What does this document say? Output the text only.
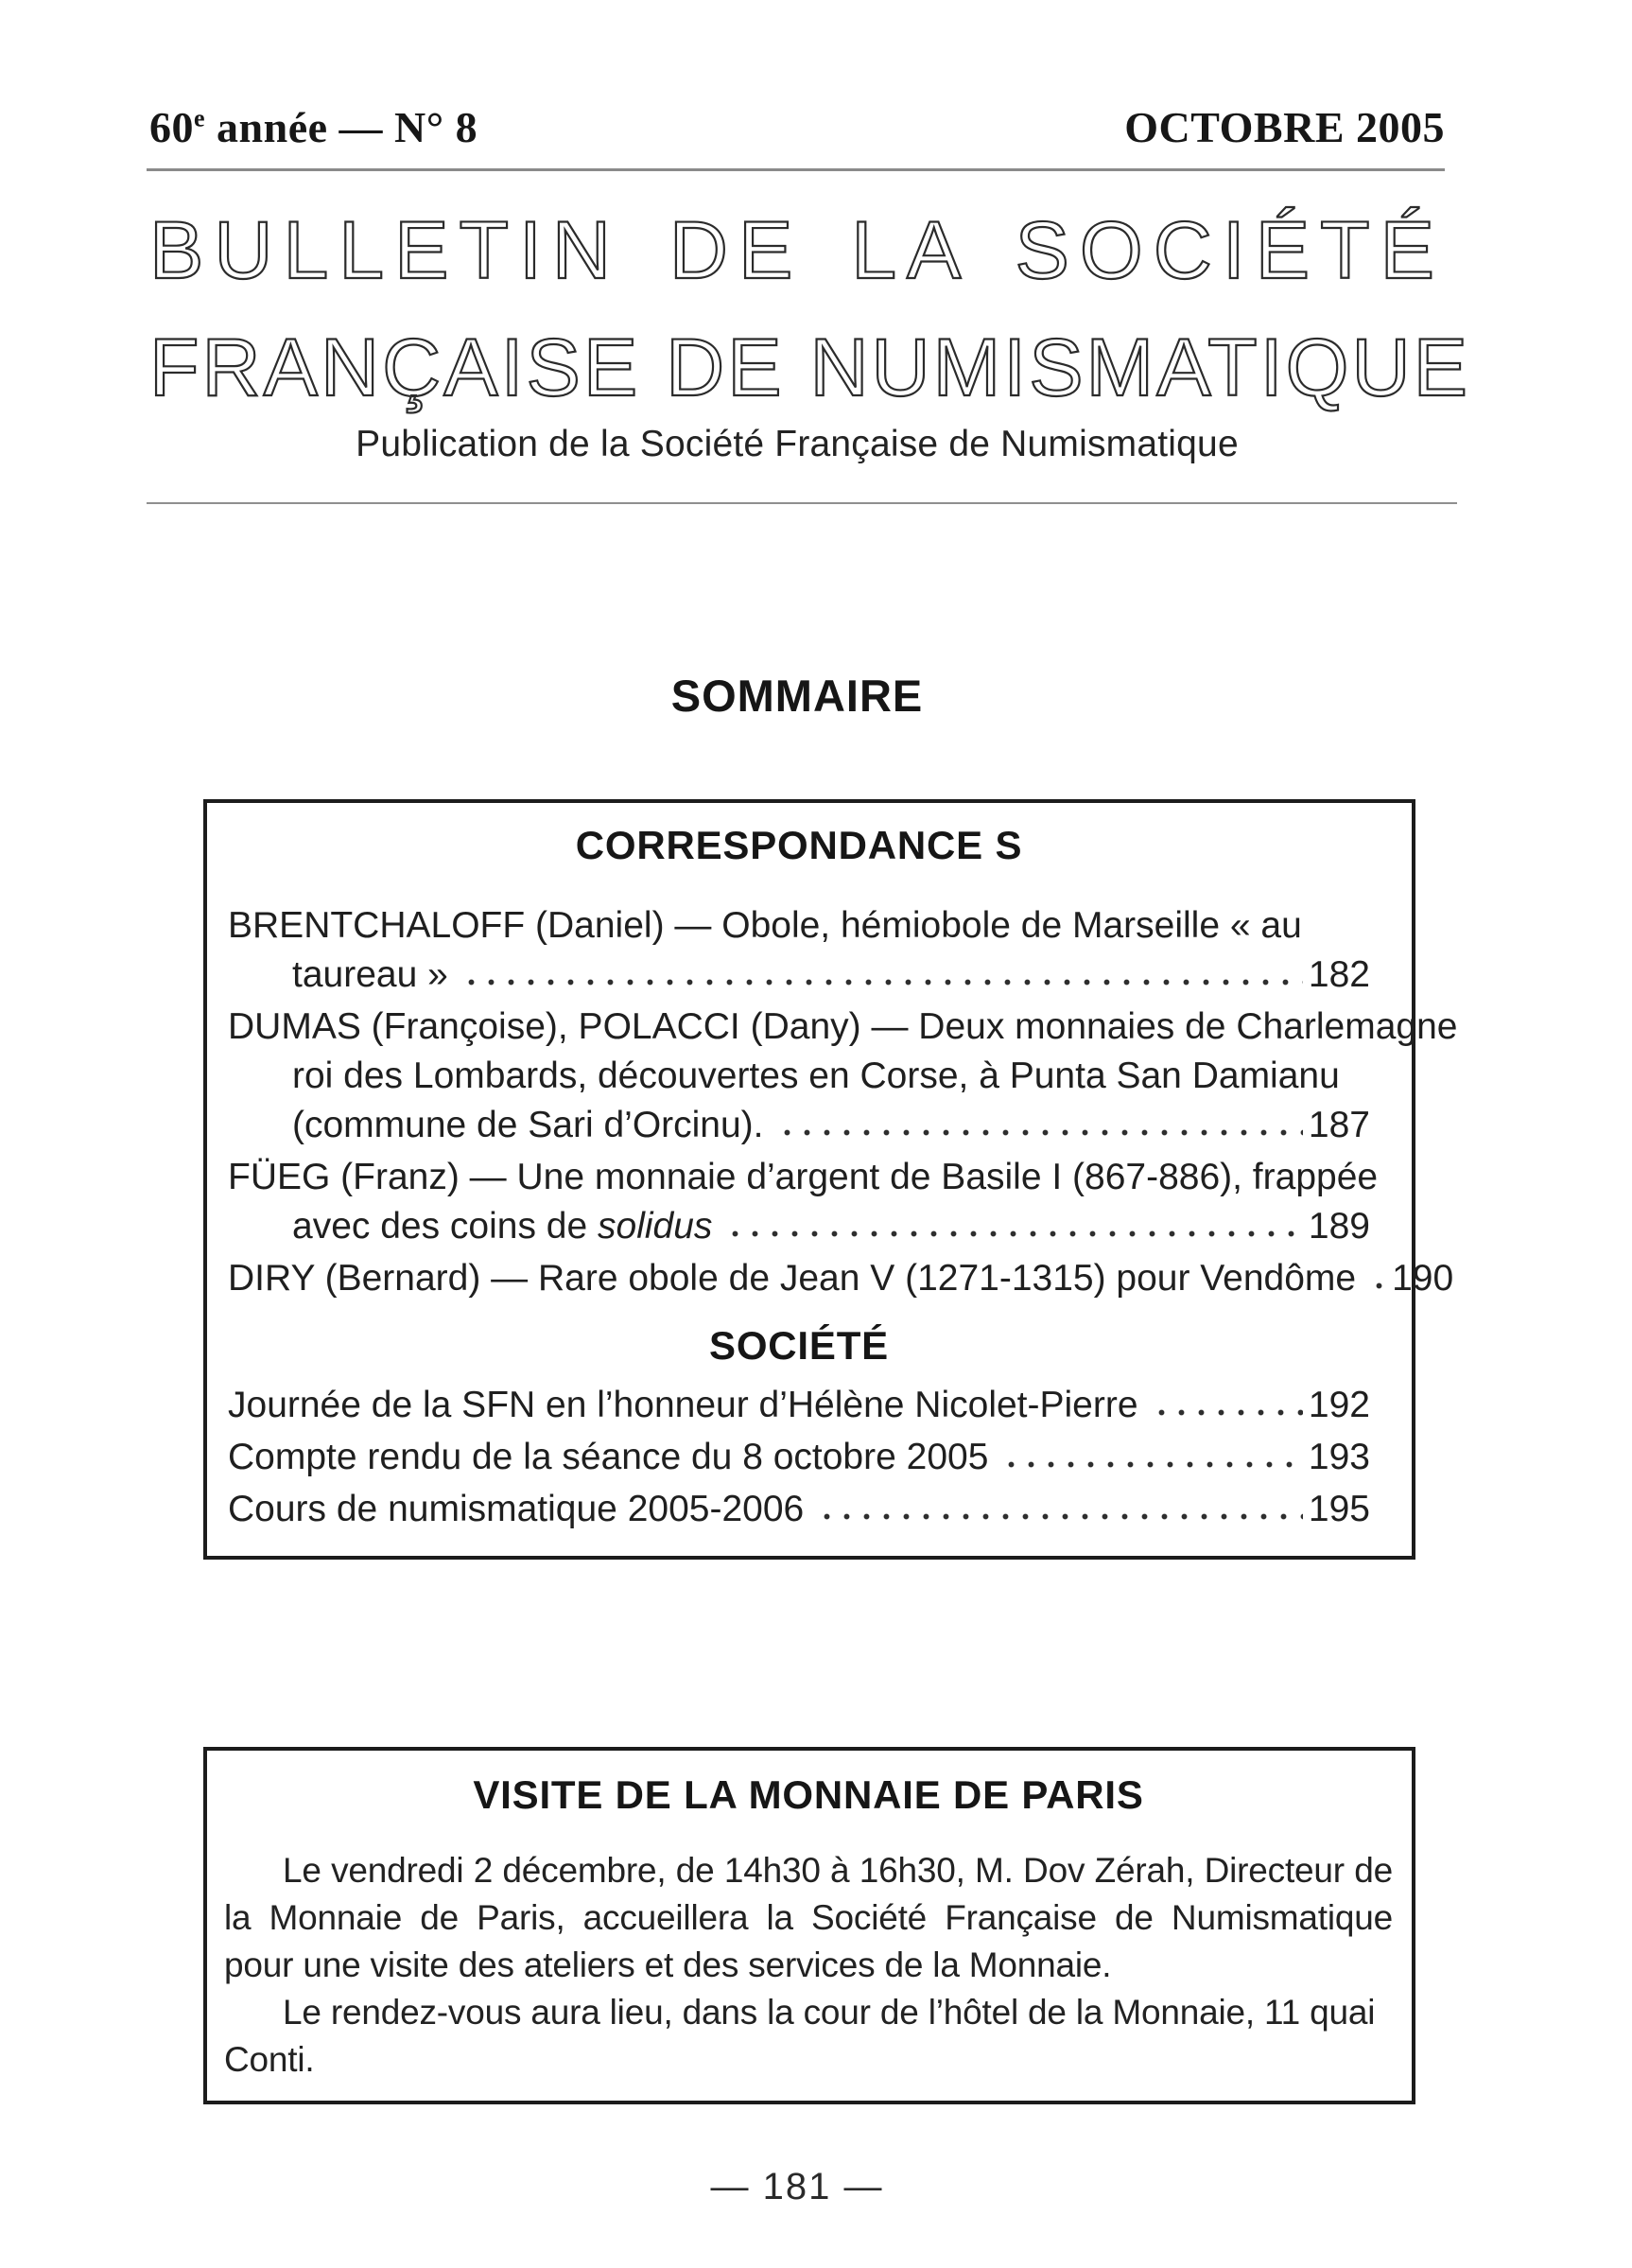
60e année — N° 8	OCTOBRE 2005
BULLETIN DE LA SOCIÉTÉ
FRANÇAISE DE NUMISMATIQUE
Publication de la Société Française de Numismatique
SOMMAIRE
CORRESPONDANCE S
BRENTCHALOFF (Daniel) — Obole, hémiobole de Marseille « au
taureau »	182
DUMAS (Françoise), POLACCI (Dany) — Deux monnaies de Charlemagne
roi des Lombards, découvertes en Corse, à Punta San Damianu
(commune de Sari d’Orcinu).	187
FÜEG (Franz) — Une monnaie d’argent de Basile I (867-886), frappée
avec des coins de solidus	189
DIRY (Bernard) — Rare obole de Jean V (1271-1315) pour Vendôme 190
SOCIÉTÉ
Journée de la SFN en l’honneur d’Hélène Nicolet-Pierre	192
Compte rendu de la séance du 8 octobre 2005	193
Cours de numismatique 2005-2006	195
VISITE DE LA MONNAIE DE PARIS

Le vendredi 2 décembre, de 14h30 à 16h30, M. Dov Zérah, Directeur de la Monnaie de Paris, accueillera la Société Française de Numismatique pour une visite des ateliers et des services de la Monnaie.

Le rendez-vous aura lieu, dans la cour de l’hôtel de la Monnaie, 11 quai Conti.

— 181 —
